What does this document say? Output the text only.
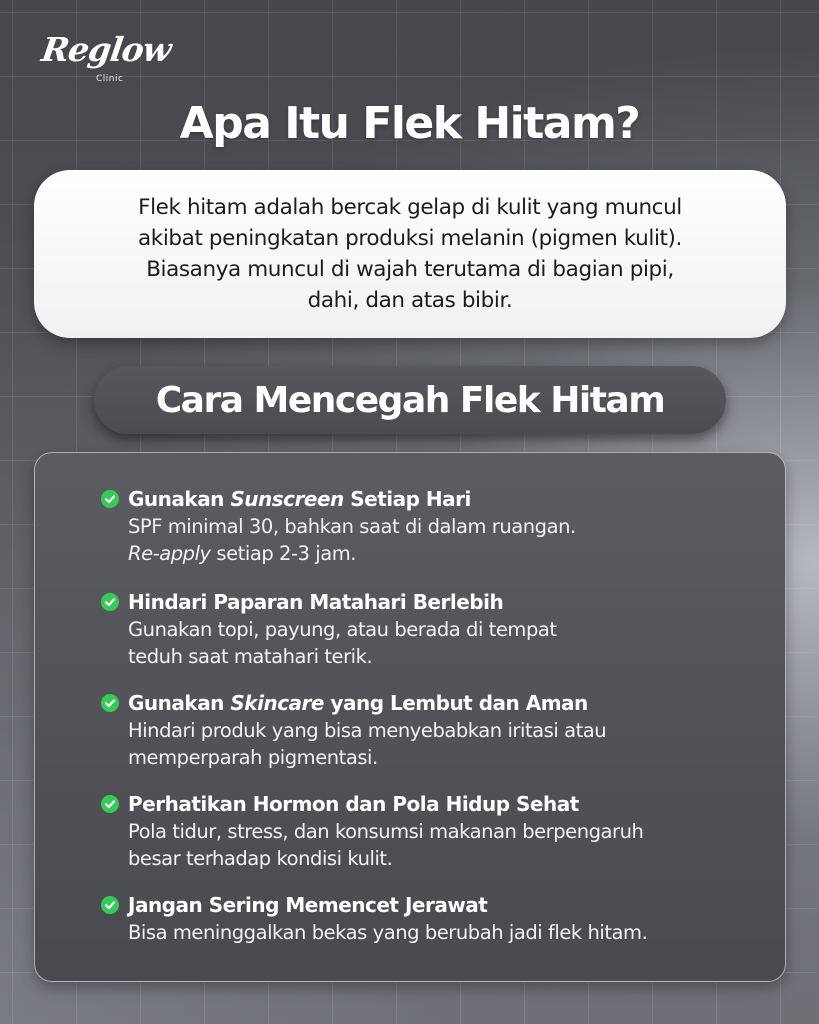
Reglow
Clinic
Apa Itu Flek Hitam?

Flek hitam adalah bercak gelap di kulit yang muncul
akibat peningkatan produksi melanin (pigmen kulit).
Biasanya muncul di wajah terutama di bagian pipi,
dahi, dan atas bibir.

Cara Mencegah Flek Hitam
Gunakan Sunscreen Setiap Hari
SPF minimal 30, bahkan saat di dalam ruangan.
Re-apply setiap 2-3 jam.
Hindari Paparan Matahari Berlebih
Gunakan topi, payung, atau berada di tempat
teduh saat matahari terik.
Gunakan Skincare yang Lembut dan Aman
Hindari produk yang bisa menyebabkan iritasi atau
memperparah pigmentasi.
Perhatikan Hormon dan Pola Hidup Sehat
Pola tidur, stress, dan konsumsi makanan berpengaruh
besar terhadap kondisi kulit.
Jangan Sering Memencet Jerawat
Bisa meninggalkan bekas yang berubah jadi flek hitam.
